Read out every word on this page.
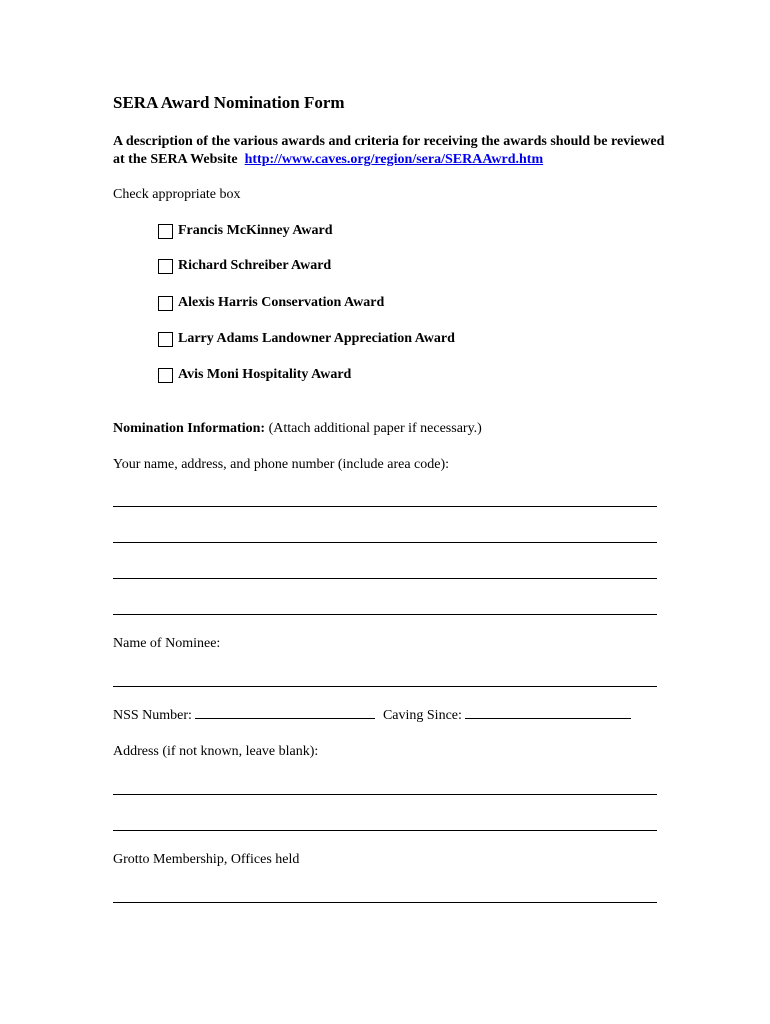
SERA Award Nomination Form
A description of the various awards and criteria for receiving the awards should be reviewed at the SERA Website http://www.caves.org/region/sera/SERAAwrd.htm
Check appropriate box
Francis McKinney Award
Richard Schreiber Award
Alexis Harris Conservation Award
Larry Adams Landowner Appreciation Award
Avis Moni Hospitality Award
Nomination Information: (Attach additional paper if necessary.)
Your name, address, and phone number (include area code):
Name of Nominee:
NSS Number:	Caving Since:
Address (if not known, leave blank):
Grotto Membership, Offices held
